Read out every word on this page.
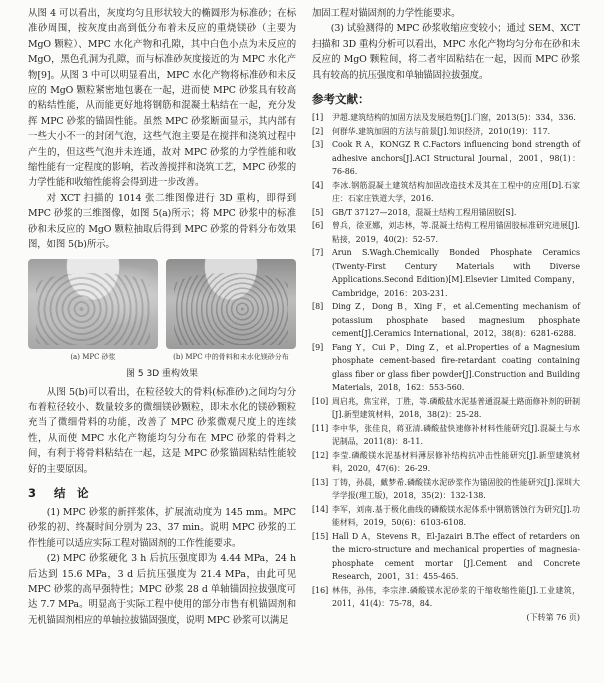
从图 4 可以看出，灰度均匀且形状较大的椭圆形为标准砂；在标准砂周围，按灰度由高到低分布着未反应的重烧镁砂（主要为 MgO 颗粒）、MPC 水化产物和孔隙，其中白色小点为未反应的 MgO，黑色孔洞为孔隙，而与标准砂灰度接近的为 MPC 水化产物[9]。从图 3 中可以明显看出，MPC 水化产物将标准砂和未反应的 MgO 颗粒紧密地包裹在一起，进而使 MPC 砂浆具有较高的粘结性能，从而能更好地将钢筋和混凝土粘结在一起，充分发挥 MPC 砂浆的锚固性能。虽然 MPC 砂浆断面显示，其内部有一些大小不一的封闭气泡，这些气泡主要是在搅拌和浇筑过程中产生的，但这些气泡并未连通，故对 MPC 砂浆的力学性能和收缩性能有一定程度的影响，若改善搅拌和浇筑工艺，MPC 砂浆的力学性能和收缩性能将会得到进一步改善。

对 XCT 扫描的 1014 张二维图像进行 3D 重构，即得到 MPC 砂浆的三维图像，如图 5(a)所示；将 MPC 砂浆中的标准砂和未反应的 MgO 颗粒抽取后得到 MPC 砂浆的骨料分布效果图，如图 5(b)所示。

(a) MPC 砂浆	(b) MPC 中的骨料和未水化镁砂分布
图 5 3D 重构效果

从图 5(b)可以看出，在粒径较大的骨料(标准砂)之间均匀分布着粒径较小、数量较多的微细镁砂颗粒，即未水化的镁砂颗粒充当了微细骨料的功能，改善了 MPC 砂浆微观尺度上的连续性，从而使 MPC 水化产物能均匀分布在 MPC 砂浆的骨料之间，有利于将骨料粘结在一起，这是 MPC 砂浆锚固粘结性能较好的主要原因。

3 结　论

(1) MPC 砂浆的新拌浆体，扩展流动度为 145 mm。MPC 砂浆的初、终凝时间分别为 23、37 min。说明 MPC 砂浆的工作性能可以适应实际工程对锚固剂的工作性能要求。

(2) MPC 砂浆硬化 3 h 后抗压强度即为 4.44 MPa，24 h 后达到 15.6 MPa，3 d 后抗压强度为 21.4 MPa，由此可见 MPC 砂浆的高早强特性；MPC 砂浆 28 d 单轴锚固拉拔强度可达 7.7 MPa。明显高于实际工程中使用的部分市售有机锚固剂和无机锚固剂相应的单轴拉拔锚固强度，说明 MPC 砂浆可以满足

加固工程对锚固剂的力学性能要求。

(3) 试验测得的 MPC 砂浆收缩应变较小；通过 SEM、XCT 扫描和 3D 重构分析可以看出，MPC 水化产物均匀分布在砂和未反应的 MgO 颗粒间，将二者牢固粘结在一起，因而 MPC 砂浆具有较高的抗压强度和单轴锚固拉拔强度。

参考文献：
[1]	尹超.建筑结构的加固方法及发展趋势[J].门窗，2013(5)：334，336.
[2]	何群华.建筑加固的方法与前景[J].知识经济，2010(19)：117.
[3]	Cook R A，KONGZ R C.Factors influencing bond strength of adhesive anchors[J].ACI Structural Journal，2001，98(1)：76-86.
[4]	李冰.钢筋混凝土建筑结构加固改造技术及其在工程中的应用[D].石家庄：石家庄铁道大学，2016.
[5]	GB/T 37127—2018，混凝土结构工程用锚固胶[S].
[6]	曾兵，徐亚娜，刘志林，等.混凝土结构工程用锚固胶标准研究进展[J].粘接，2019，40(2)：52-57.
[7]	Arun S.Wagh.Chemically Bonded Phosphate Ceramics (Twenty-First Century Materials with Diverse Applications.Second Edition)[M].Elsevier Limited Company，Cambridge，2016：203-231.
[8]	Ding Z，Dong B，Xing F，et al.Cementing mechanism of potassium phosphate based magnesium phosphate cement[J].Ceramics International，2012，38(8)：6281-6288.
[9]	Fang Y，Cui P，Ding Z，et al.Properties of a Magnesium phosphate cement-based fire-retardant coating containing glass fiber or glass fiber powder[J].Construction and Building Materials，2018，162：553-560.
[10] 周启兆，焦宝祥，丁胜，等.磷酸盐水泥基普通混凝土路面修补剂的研制[J].新型建筑材料，2018，38(2)：25-28.
[11] 李中华，张佳良，蒋亚清.磷酸盐快速修补材料性能研究[J].混凝土与水泥制品，2011(8)：8-11.
[12] 李莹.磷酸镁水泥基材料薄层修补结构抗冲击性能研究[J].新型建筑材料，2020，47(6)：26-29.
[13] 丁铸，孙晨，戴梦希.磷酸镁水泥砂浆作为锚固胶的性能研究[J].深圳大学学报(理工版)，2018，35(2)：132-138.
[14] 李军，刘南.基于极化曲线的磷酸镁水泥体系中钢筋锈蚀行为研究[J].功能材料，2019，50(6)：6103-6108.
[15] Hall D A，Stevens R，El-Jazairi B.The effect of retarders on the micro-structure and mechanical properties of magnesia-phosphate cement mortar [J].Cement and Concrete Research，2001，31：455-465.
[16] 林伟，孙伟，李宗津.磷酸镁水泥砂浆的干缩收缩性能[J].工业建筑，2011，41(4)：75-78，84.
(下转第 76 页)
